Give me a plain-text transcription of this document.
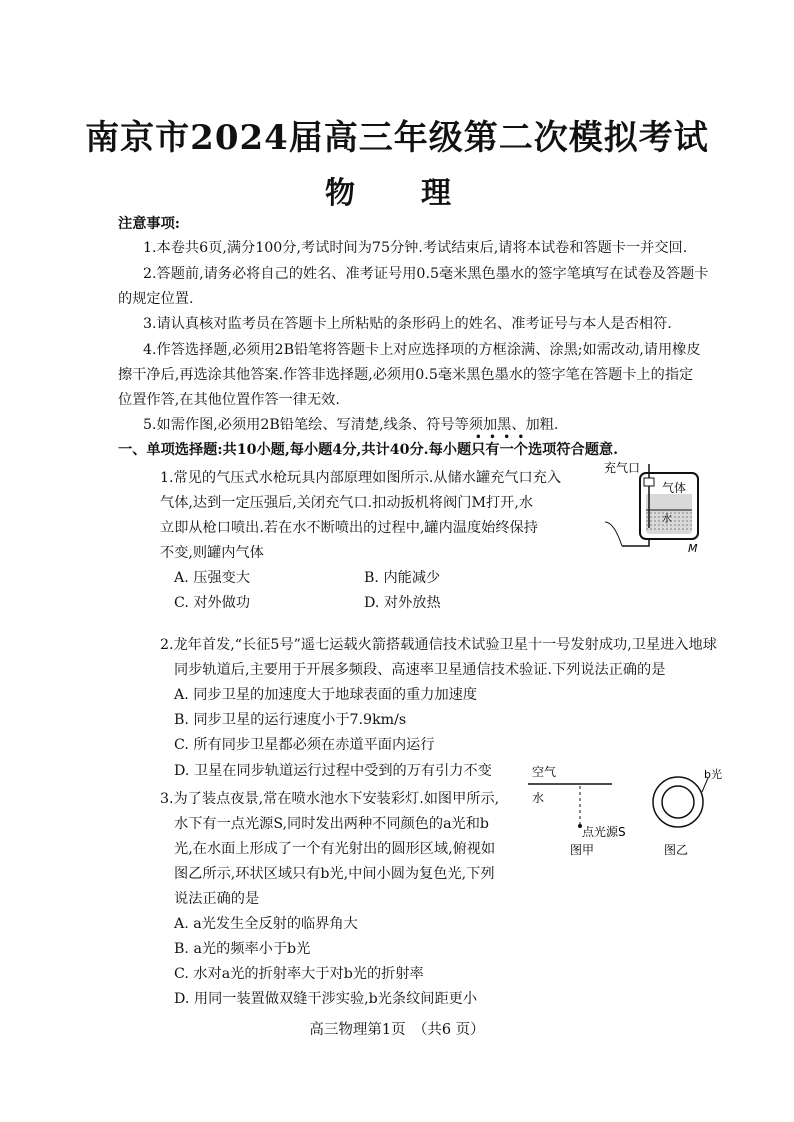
南京市2024届高三年级第二次模拟考试
物　理
注意事项:
1.本卷共6页,满分100分,考试时间为75分钟.考试结束后,请将本试卷和答题卡一并交回.
2.答题前,请务必将自己的姓名、准考证号用0.5毫米黑色墨水的签字笔填写在试卷及答题卡
的规定位置.
3.请认真核对监考员在答题卡上所粘贴的条形码上的姓名、准考证号与本人是否相符.
4.作答选择题,必须用2B铅笔将答题卡上对应选择项的方框涂满、涂黑;如需改动,请用橡皮
擦干净后,再选涂其他答案.作答非选择题,必须用0.5毫米黑色墨水的签字笔在答题卡上的指定
位置作答,在其他位置作答一律无效.
5.如需作图,必须用2B铅笔绘、写清楚,线条、符号等须加黑、加粗.
一、单项选择题:共10小题,每小题4分,共计40分.每小题只有一个选项符合题意.
1.常见的气压式水枪玩具内部原理如图所示.从储水罐充气口充入
气体,达到一定压强后,关闭充气口.扣动扳机将阀门M打开,水
立即从枪口喷出.若在水不断喷出的过程中,罐内温度始终保持
不变,则罐内气体
A. 压强变大	B. 内能减少
C. 对外做功	D. 对外放热
充气口
气体
水
M
2.龙年首发,“长征5号”遥七运载火箭搭载通信技术试验卫星十一号发射成功,卫星进入地球
同步轨道后,主要用于开展多频段、高速率卫星通信技术验证.下列说法正确的是
A. 同步卫星的加速度大于地球表面的重力加速度
B. 同步卫星的运行速度小于7.9km/s
C. 所有同步卫星都必须在赤道平面内运行
D. 卫星在同步轨道运行过程中受到的万有引力不变
3.为了装点夜景,常在喷水池水下安装彩灯.如图甲所示,
水下有一点光源S,同时发出两种不同颜色的a光和b
光,在水面上形成了一个有光射出的圆形区域,俯视如
图乙所示,环状区域只有b光,中间小圆为复色光,下列
说法正确的是
A. a光发生全反射的临界角大
B. a光的频率小于b光
C. 水对a光的折射率大于对b光的折射率
D. 用同一装置做双缝干涉实验,b光条纹间距更小
空气
水
点光源S
图甲
b光
图乙
高三物理第1页　（共6 页）
